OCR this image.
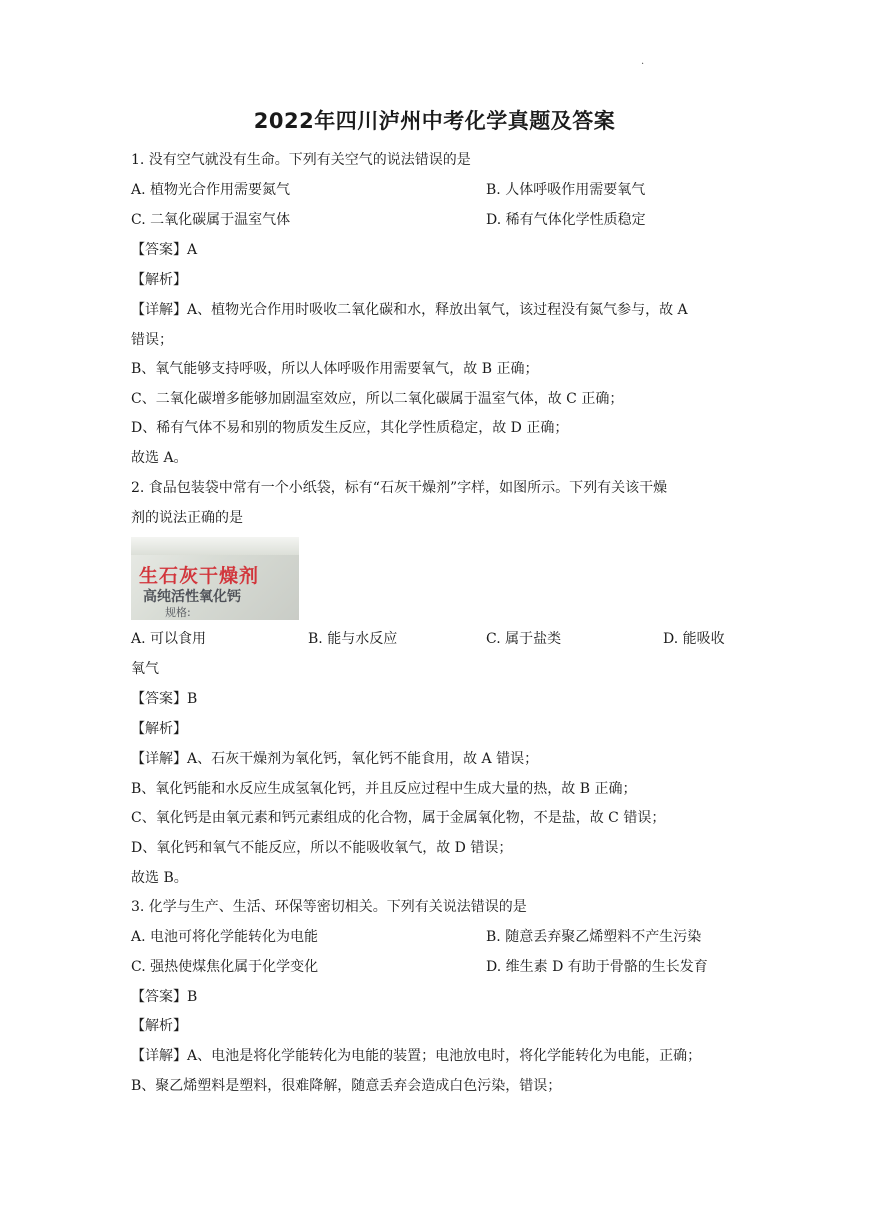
.
2022年四川泸州中考化学真题及答案
1. 没有空气就没有生命。下列有关空气的说法错误的是
A. 植物光合作用需要氮气	B. 人体呼吸作用需要氧气
C. 二氧化碳属于温室气体	D. 稀有气体化学性质稳定
【答案】A
【解析】
【详解】A、植物光合作用时吸收二氧化碳和水，释放出氧气，该过程没有氮气参与，故 A
错误；
B、氧气能够支持呼吸，所以人体呼吸作用需要氧气，故 B 正确；
C、二氧化碳增多能够加剧温室效应，所以二氧化碳属于温室气体，故 C 正确；
D、稀有气体不易和别的物质发生反应，其化学性质稳定，故 D 正确；
故选 A。
2. 食品包装袋中常有一个小纸袋，标有“石灰干燥剂”字样，如图所示。下列有关该干燥
剂的说法正确的是
生石灰干燥剂
高纯活性氧化钙
规格:
A. 可以食用	B. 能与水反应	C. 属于盐类	D. 能吸收
氧气
【答案】B
【解析】
【详解】A、石灰干燥剂为氧化钙，氧化钙不能食用，故 A 错误；
B、氧化钙能和水反应生成氢氧化钙，并且反应过程中生成大量的热，故 B 正确；
C、氧化钙是由氧元素和钙元素组成的化合物，属于金属氧化物，不是盐，故 C 错误；
D、氧化钙和氧气不能反应，所以不能吸收氧气，故 D 错误；
故选 B。
3. 化学与生产、生活、环保等密切相关。下列有关说法错误的是
A. 电池可将化学能转化为电能	B. 随意丢弃聚乙烯塑料不产生污染
C. 强热使煤焦化属于化学变化	D. 维生素 D 有助于骨骼的生长发育
【答案】B
【解析】
【详解】A、电池是将化学能转化为电能的装置；电池放电时，将化学能转化为电能，正确；
B、聚乙烯塑料是塑料，很难降解，随意丢弃会造成白色污染，错误；
